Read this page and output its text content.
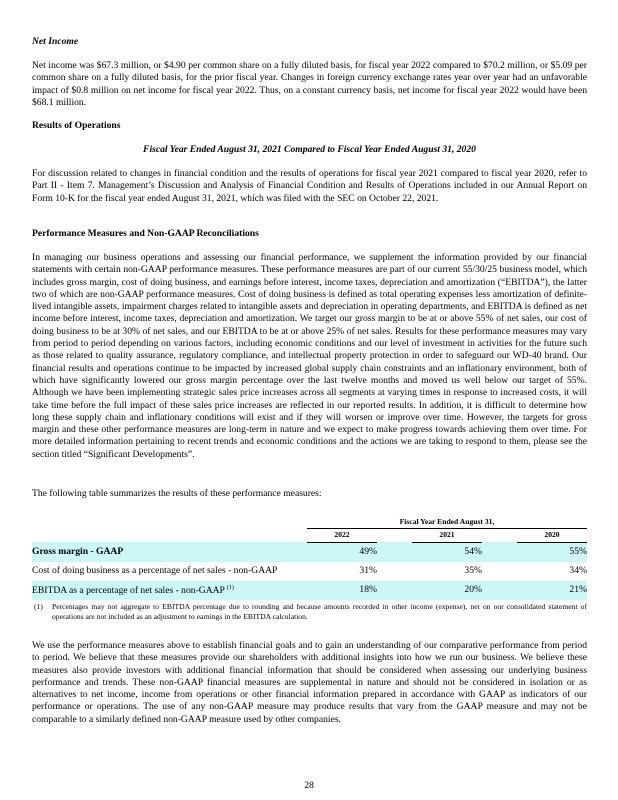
Net Income

Net income was $67.3 million, or $4.90 per common share on a fully diluted basis, for fiscal year 2022 compared to $70.2 million, or $5.09 per common share on a fully diluted basis, for the prior fiscal year. Changes in foreign currency exchange rates year over year had an unfavorable impact of $0.8 million on net income for fiscal year 2022. Thus, on a constant currency basis, net income for fiscal year 2022 would have been $68.1 million.

Results of Operations

Fiscal Year Ended August 31, 2021 Compared to Fiscal Year Ended August 31, 2020

For discussion related to changes in financial condition and the results of operations for fiscal year 2021 compared to fiscal year 2020, refer to Part II - Item 7. Management’s Discussion and Analysis of Financial Condition and Results of Operations included in our Annual Report on Form 10-K for the fiscal year ended August 31, 2021, which was filed with the SEC on October 22, 2021.

Performance Measures and Non-GAAP Reconciliations

In managing our business operations and assessing our financial performance, we supplement the information provided by our financial statements with certain non-GAAP performance measures. These performance measures are part of our current 55/30/25 business model, which includes gross margin, cost of doing business, and earnings before interest, income taxes, depreciation and amortization (“EBITDA”), the latter two of which are non-GAAP performance measures. Cost of doing business is defined as total operating expenses less amortization of definite-lived intangible assets, impairment charges related to intangible assets and depreciation in operating departments, and EBITDA is defined as net income before interest, income taxes, depreciation and amortization. We target our gross margin to be at or above 55% of net sales, our cost of doing business to be at 30% of net sales, and our EBITDA to be at or above 25% of net sales. Results for these performance measures may vary from period to period depending on various factors, including economic conditions and our level of investment in activities for the future such as those related to quality assurance, regulatory compliance, and intellectual property protection in order to safeguard our WD-40 brand. Our financial results and operations continue to be impacted by increased global supply chain constraints and an inflationary environment, both of which have significantly lowered our gross margin percentage over the last twelve months and moved us well below our target of 55%. Although we have been implementing strategic sales price increases across all segments at varying times in response to increased costs, it will take time before the full impact of these sales price increases are reflected in our reported results. In addition, it is difficult to determine how long these supply chain and inflationary conditions will exist and if they will worsen or improve over time. However, the targets for gross margin and these other performance measures are long-term in nature and we expect to make progress towards achieving them over time. For more detailed information pertaining to recent trends and economic conditions and the actions we are taking to respond to them, please see the section titled “Significant Developments”.

The following table summarizes the results of these performance measures:

	Fiscal Year Ended August 31,				
	2022		2021		2020
Gross margin - GAAP	49%		54%		55%
Cost of doing business as a percentage of net sales - non-GAAP	31%		35%		34%
EBITDA as a percentage of net sales - non-GAAP $^{(1)}$	18%		20%		21%
(1) Percentages may not aggregate to EBITDA percentage due to rounding and because amounts recorded in other income (expense), net on our consolidated statement of operations are not included as an adjustment to earnings in the EBITDA calculation.

We use the performance measures above to establish financial goals and to gain an understanding of our comparative performance from period to period. We believe that these measures provide our shareholders with additional insights into how we run our business. We believe these measures also provide investors with additional financial information that should be considered when assessing our underlying business performance and trends. These non-GAAP financial measures are supplemental in nature and should not be considered in isolation or as alternatives to net income, income from operations or other financial information prepared in accordance with GAAP as indicators of our performance or operations. The use of any non-GAAP measure may produce results that vary from the GAAP measure and may not be comparable to a similarly defined non-GAAP measure used by other companies.

28
